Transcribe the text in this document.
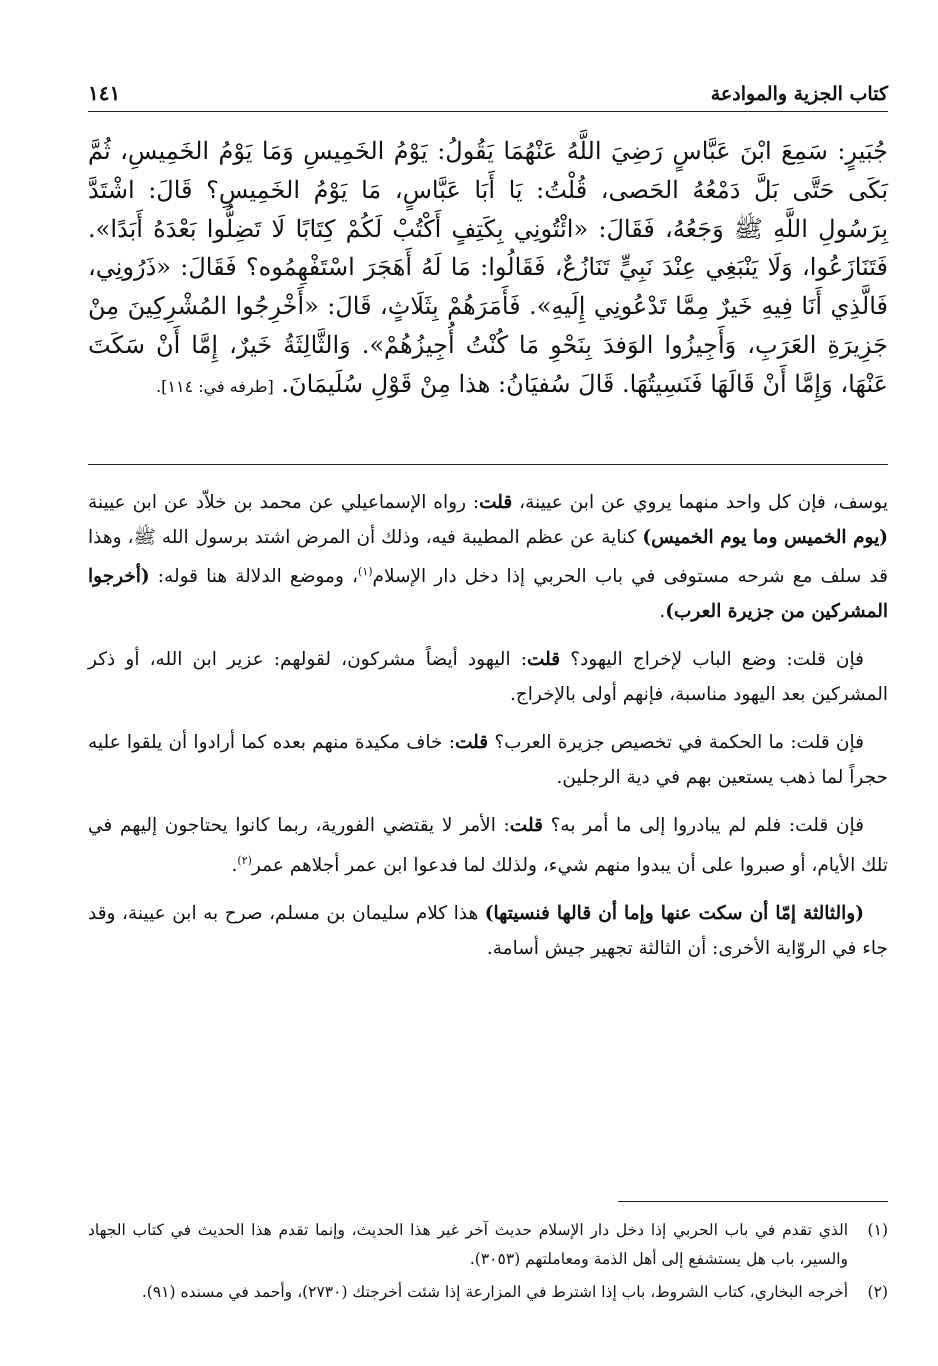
كتاب الجزية والموادعة
١٤١
جُبَيرٍ: سَمِعَ ابْنَ عَبَّاسٍ رَضِيَ اللَّهُ عَنْهُمَا يَقُولُ: يَوْمُ الخَمِيسِ وَمَا يَوْمُ الخَمِيسِ، ثُمَّ بَكَى حَتَّى بَلَّ دَمْعُهُ الحَصى، قُلْتُ: يَا أَبَا عَبَّاسٍ، مَا يَوْمُ الخَمِيسِ؟ قَالَ: اشْتَدَّ بِرَسُولِ اللَّهِ ﷺ وَجَعُهُ، فَقَالَ: «ائْتُونِي بِكَتِفٍ أَكْتُبْ لَكُمْ كِتَابًا لَا تَضِلُّوا بَعْدَهُ أَبَدًا». فَتَنَازَعُوا، وَلَا يَنْبَغِي عِنْدَ نَبِيٍّ تَنَازُعٌ، فَقَالُوا: مَا لَهُ أَهَجَرَ اسْتَفْهِمُوه؟ فَقَالَ: «ذَرُونِي، فَالَّذِي أَنَا فِيهِ خَيرٌ مِمَّا تَدْعُونِي إِلَيهِ». فَأَمَرَهُمْ بِثَلَاثٍ، قَالَ: «أَخْرِجُوا المُشْرِكِينَ مِنْ جَزِيرَةِ العَرَبِ، وَأَجِيزُوا الوَفدَ بِنَحْوِ مَا كُنْتُ أُجِيزُهُمْ». وَالثَّالِثَةُ خَيرٌ، إِمَّا أَنْ سَكَتَ عَنْهَا، وَإِمَّا أَنْ قَالَهَا فَنَسِيتُهَا. قَالَ سُفيَانُ: هذا مِنْ قَوْلِ سُلَيمَانَ. [طرفه في: ١١٤].

يوسف، فإن كل واحد منهما يروي عن ابن عيينة، قلت: رواه الإسماعيلي عن محمد بن خلاّد عن ابن عيينة (يوم الخميس وما يوم الخميس) كناية عن عظم المطيبة فيه، وذلك أن المرض اشتد برسول الله ﷺ، وهذا قد سلف مع شرحه مستوفى في باب الحربي إذا دخل دار الإسلام$^{(١)}$، وموضع الدلالة هنا قوله: (أخرجوا المشركين من جزيرة العرب).

فإن قلت: وضع الباب لإخراج اليهود؟ قلت: اليهود أيضاً مشركون، لقولهم: عزير ابن الله، أو ذكر المشركين بعد اليهود مناسبة، فإنهم أولى بالإخراج.

فإن قلت: ما الحكمة في تخصيص جزيرة العرب؟ قلت: خاف مكيدة منهم بعده كما أرادوا أن يلقوا عليه حجراً لما ذهب يستعين بهم في دية الرجلين.

فإن قلت: فلم لم يبادروا إلى ما أمر به؟ قلت: الأمر لا يقتضي الفورية، ربما كانوا يحتاجون إليهم في تلك الأيام، أو صبروا على أن يبدوا منهم شيء، ولذلك لما فدعوا ابن عمر أجلاهم عمر$^{(٢)}$.

(والثالثة إمّا أن سكت عنها وإما أن قالها فنسيتها) هذا كلام سليمان بن مسلم، صرح به ابن عيينة، وقد جاء في الروّاية الأخرى: أن الثالثة تجهير جيش أسامة.

(١)
الذي تقدم في باب الحربي إذا دخل دار الإسلام حديث آخر غير هذا الحديث، وإنما تقدم هذا الحديث في كتاب الجهاد والسير، باب هل يستشفع إلى أهل الذمة ومعاملتهم (٣٠٥٣).
(٢)
أخرجه البخاري، كتاب الشروط، باب إذا اشترط في المزارعة إذا شئت أخرجتك (٢٧٣٠)، وأحمد في مسنده (٩١).
